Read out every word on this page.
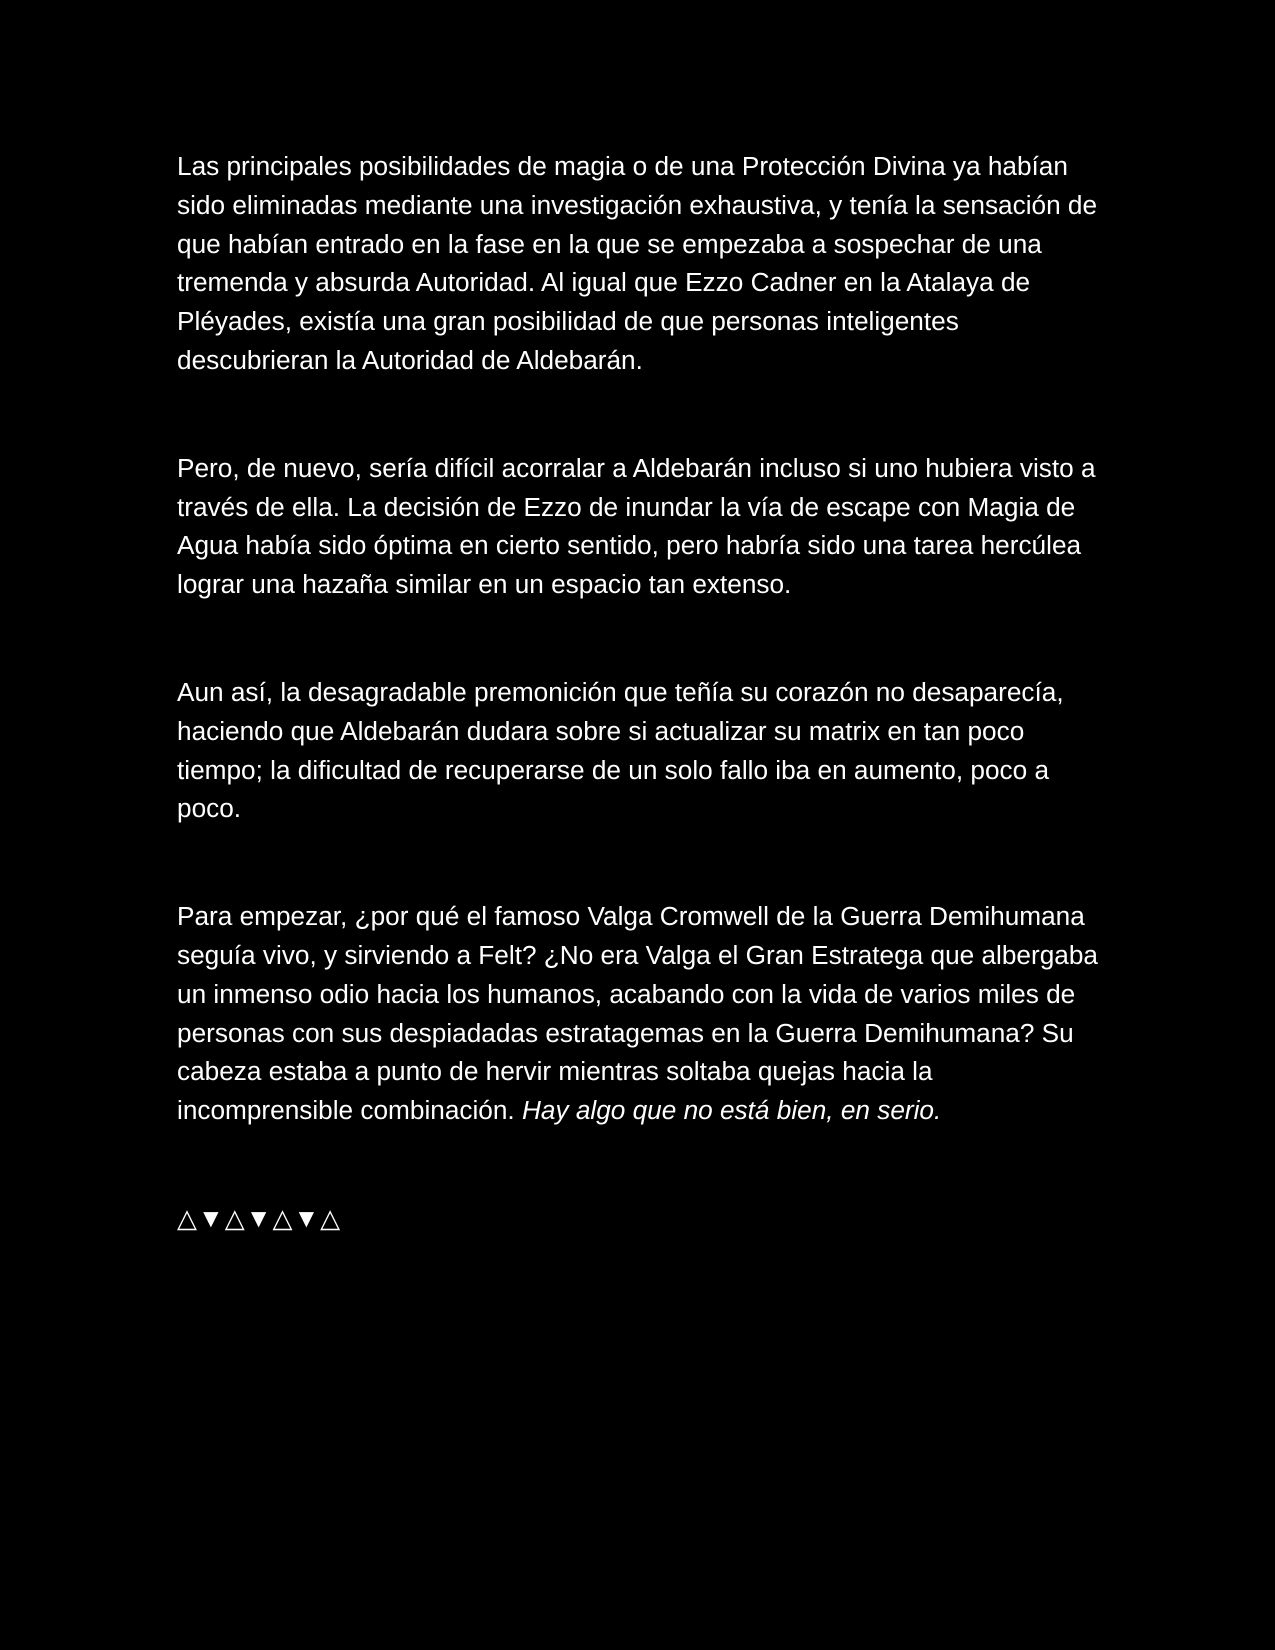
Las principales posibilidades de magia o de una Protección Divina ya habían sido eliminadas mediante una investigación exhaustiva, y tenía la sensación de que habían entrado en la fase en la que se empezaba a sospechar de una tremenda y absurda Autoridad. Al igual que Ezzo Cadner en la Atalaya de Pléyades, existía una gran posibilidad de que personas inteligentes descubrieran la Autoridad de Aldebarán.

Pero, de nuevo, sería difícil acorralar a Aldebarán incluso si uno hubiera visto a través de ella. La decisión de Ezzo de inundar la vía de escape con Magia de Agua había sido óptima en cierto sentido, pero habría sido una tarea hercúlea lograr una hazaña similar en un espacio tan extenso.

Aun así, la desagradable premonición que teñía su corazón no desaparecía, haciendo que Aldebarán dudara sobre si actualizar su matrix en tan poco tiempo; la dificultad de recuperarse de un solo fallo iba en aumento, poco a poco.

Para empezar, ¿por qué el famoso Valga Cromwell de la Guerra Demihumana seguía vivo, y sirviendo a Felt? ¿No era Valga el Gran Estratega que albergaba un inmenso odio hacia los humanos, acabando con la vida de varios miles de personas con sus despiadadas estratagemas en la Guerra Demihumana? Su cabeza estaba a punto de hervir mientras soltaba quejas hacia la incomprensible combinación. Hay algo que no está bien, en serio.

△▼△▼△▼△
